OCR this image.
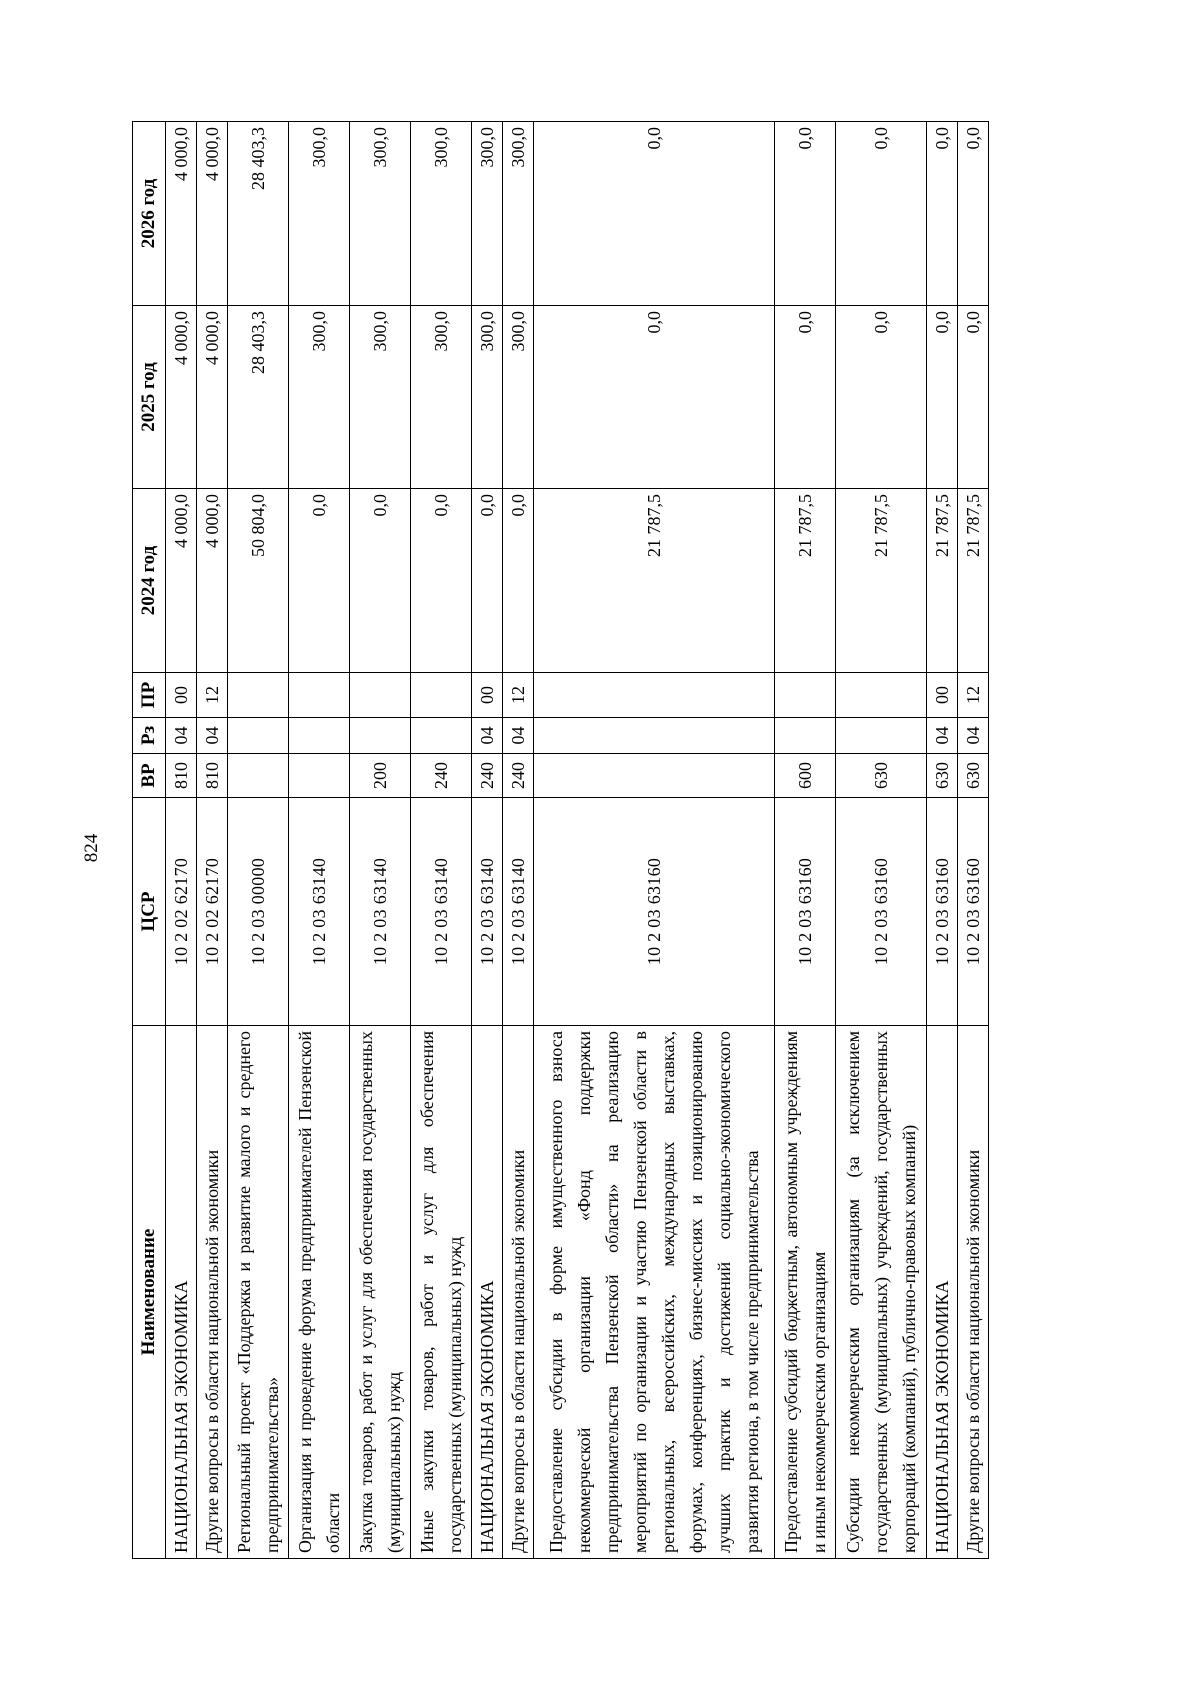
824
Наименование	ЦСР	ВР	Рз	ПР	2024 год	2025 год	2026 год
НАЦИОНАЛЬНАЯ ЭКОНОМИКА	10 2 02 62170	810	04	00	4 000,0	4 000,0	4 000,0
Другие вопросы в области национальной экономики	10 2 02 62170	810	04	12	4 000,0	4 000,0	4 000,0
Региональный проект «Поддержка и развитие малого и среднего предпринимательства»	10 2 03 00000				50 804,0	28 403,3	28 403,3
Организация и проведение форума предпринимателей Пензенской области	10 2 03 63140				0,0	300,0	300,0
Закупка товаров, работ и услуг для обеспечения государственных (муниципальных) нужд	10 2 03 63140	200			0,0	300,0	300,0
Иные закупки товаров, работ и услуг для обеспечения государственных (муниципальных) нужд	10 2 03 63140	240			0,0	300,0	300,0
НАЦИОНАЛЬНАЯ ЭКОНОМИКА	10 2 03 63140	240	04	00	0,0	300,0	300,0
Другие вопросы в области национальной экономики	10 2 03 63140	240	04	12	0,0	300,0	300,0
Предоставление субсидии в форме имущественного взноса некоммерческой организации «Фонд поддержки предпринимательства Пензенской области» на реализацию мероприятий по организации и участию Пензенской области в региональных, всероссийских, международных выставках, форумах, конференциях, бизнес-миссиях и позиционированию лучших практик и достижений социально-экономического развития региона, в том числе предпринимательства	10 2 03 63160				21 787,5	0,0	0,0
Предоставление субсидий бюджетным, автономным учреждениям и иным некоммерческим организациям	10 2 03 63160	600			21 787,5	0,0	0,0
Субсидии некоммерческим организациям (за исключением государственных (муниципальных) учреждений, государственных корпораций (компаний), публично-правовых компаний)	10 2 03 63160	630			21 787,5	0,0	0,0
НАЦИОНАЛЬНАЯ ЭКОНОМИКА	10 2 03 63160	630	04	00	21 787,5	0,0	0,0
Другие вопросы в области национальной экономики	10 2 03 63160	630	04	12	21 787,5	0,0	0,0
